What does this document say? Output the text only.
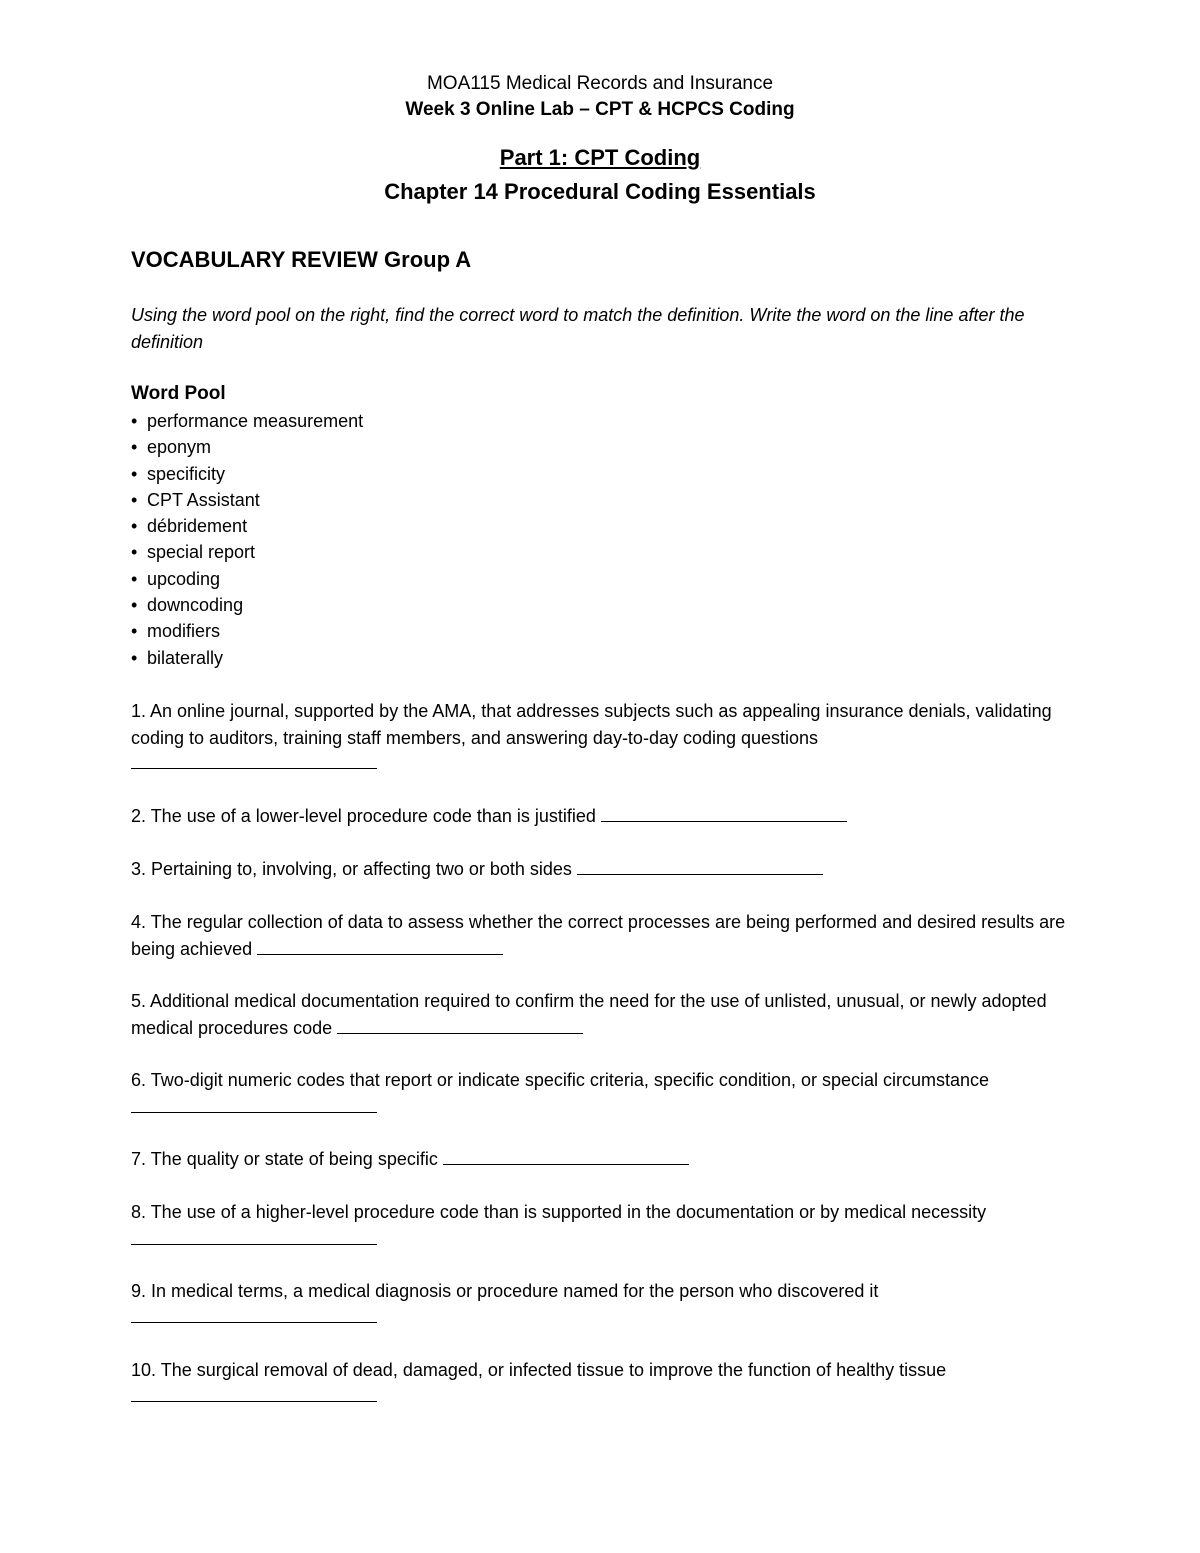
MOA115 Medical Records and Insurance
Week 3 Online Lab – CPT & HCPCS Coding
Part 1: CPT Coding
Chapter 14 Procedural Coding Essentials
VOCABULARY REVIEW Group A
Using the word pool on the right, find the correct word to match the definition. Write the word on the line after the definition
Word Pool
• performance measurement
• eponym
• specificity
• CPT Assistant
• débridement
• special report
• upcoding
• downcoding
• modifiers
• bilaterally
1. An online journal, supported by the AMA, that addresses subjects such as appealing insurance denials, validating coding to auditors, training staff members, and answering day-to-day coding questions
2. The use of a lower-level procedure code than is justified
3. Pertaining to, involving, or affecting two or both sides
4. The regular collection of data to assess whether the correct processes are being performed and desired results are being achieved
5. Additional medical documentation required to confirm the need for the use of unlisted, unusual, or newly adopted medical procedures code
6. Two-digit numeric codes that report or indicate specific criteria, specific condition, or special circumstance
7. The quality or state of being specific
8. The use of a higher-level procedure code than is supported in the documentation or by medical necessity
9. In medical terms, a medical diagnosis or procedure named for the person who discovered it
10. The surgical removal of dead, damaged, or infected tissue to improve the function of healthy tissue
